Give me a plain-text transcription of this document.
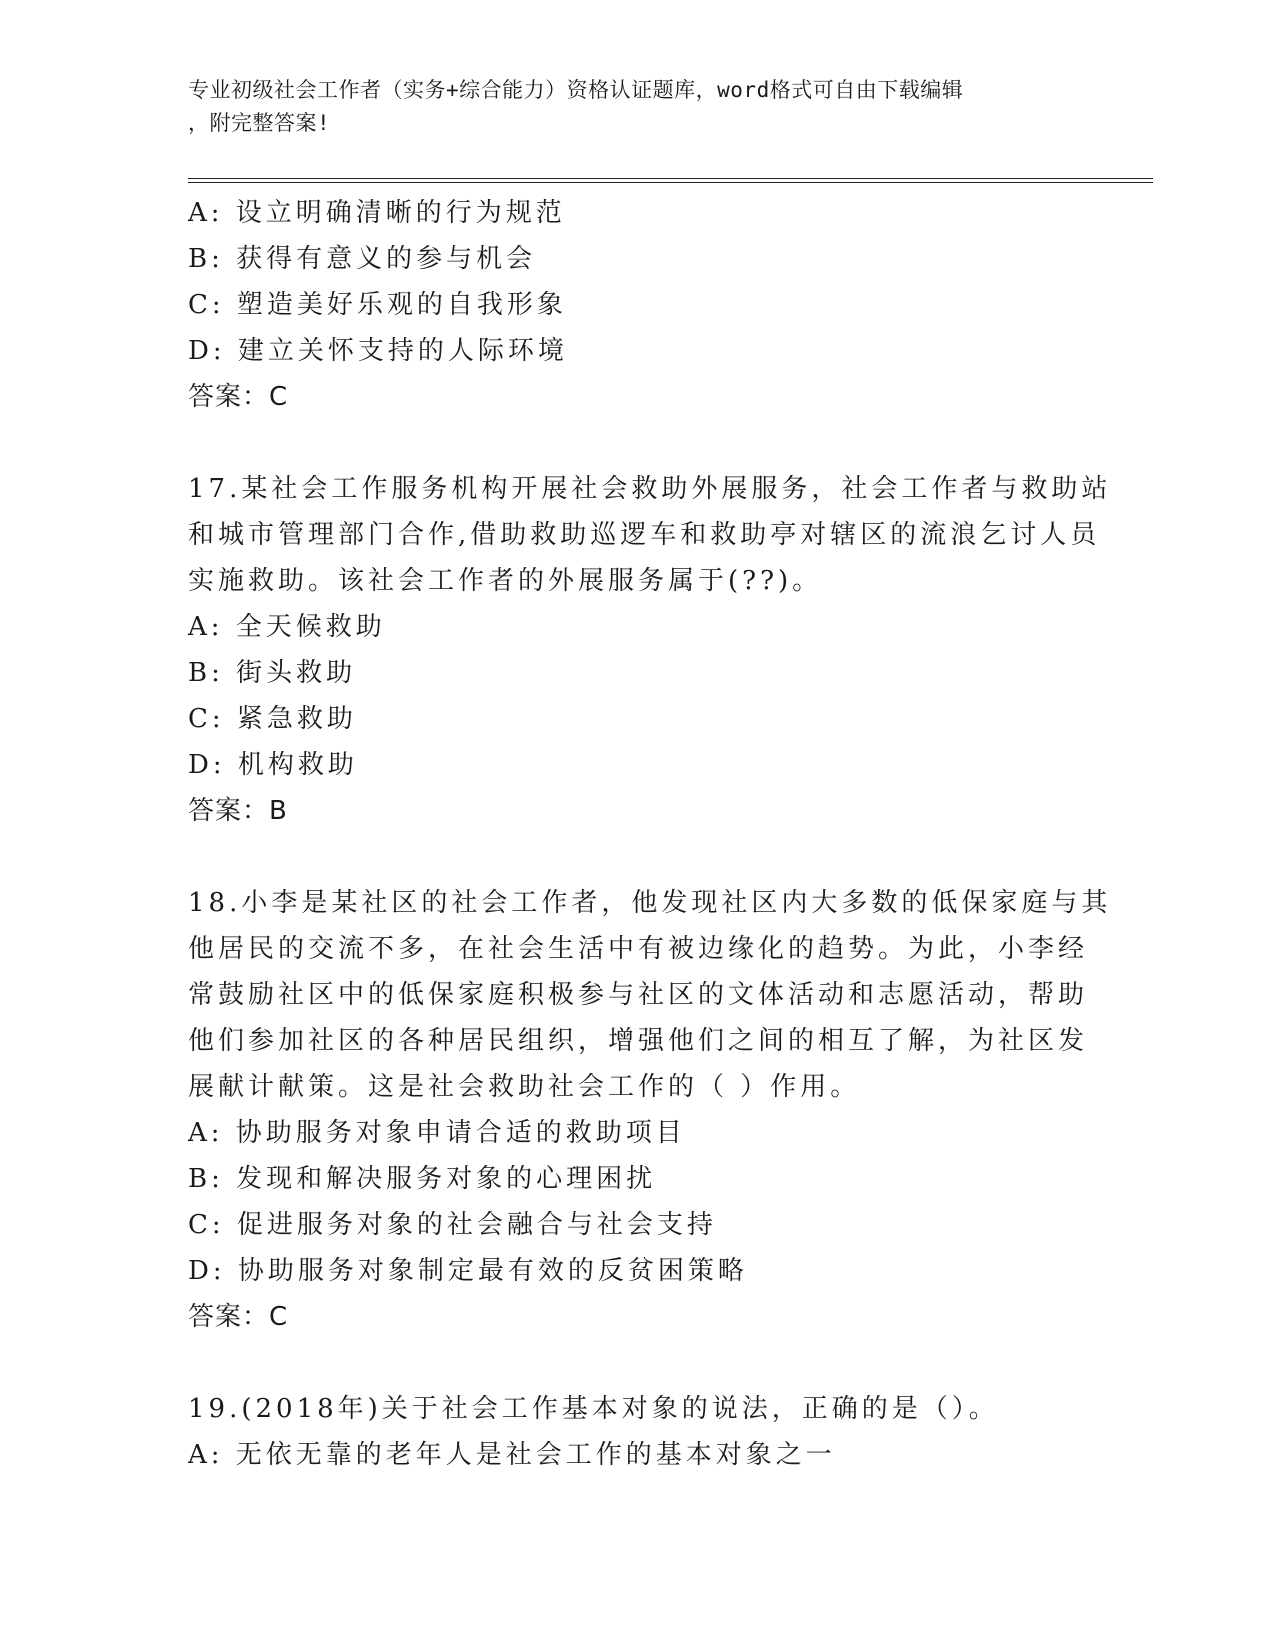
专业初级社会工作者（实务+综合能力）资格认证题库，word格式可自由下载编辑
，附完整答案!
A: 设立明确清晰的行为规范
B: 获得有意义的参与机会
C: 塑造美好乐观的自我形象
D: 建立关怀支持的人际环境
答案：C
17.某社会工作服务机构开展社会救助外展服务，社会工作者与救助站
和城市管理部门合作,借助救助巡逻车和救助亭对辖区的流浪乞讨人员
实施救助。该社会工作者的外展服务属于(??)。
A: 全天候救助
B: 街头救助
C: 紧急救助
D: 机构救助
答案：B
18.小李是某社区的社会工作者，他发现社区内大多数的低保家庭与其
他居民的交流不多，在社会生活中有被边缘化的趋势。为此，小李经
常鼓励社区中的低保家庭积极参与社区的文体活动和志愿活动，帮助
他们参加社区的各种居民组织，增强他们之间的相互了解，为社区发
展献计献策。这是社会救助社会工作的（ ）作用。
A: 协助服务对象申请合适的救助项目
B: 发现和解决服务对象的心理困扰
C: 促进服务对象的社会融合与社会支持
D: 协助服务对象制定最有效的反贫困策略
答案：C
19.(2018年)关于社会工作基本对象的说法，正确的是（）。
A: 无依无靠的老年人是社会工作的基本对象之一
